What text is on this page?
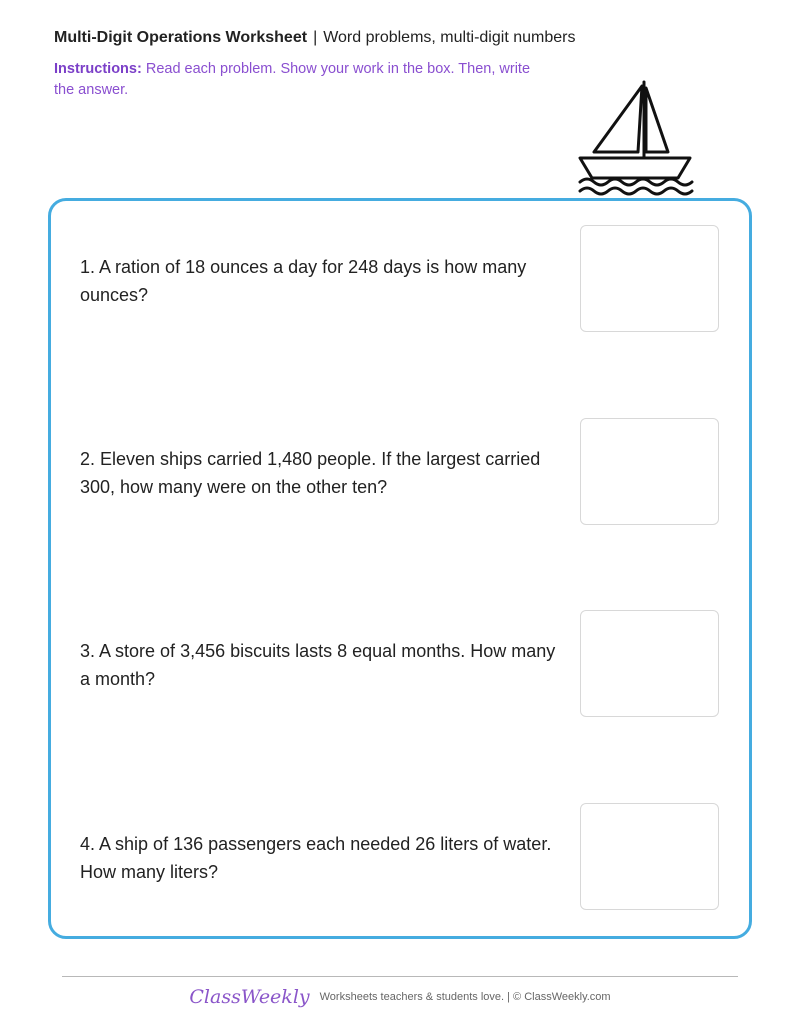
Multi-Digit Operations Worksheet | Word problems, multi-digit numbers
Instructions: Read each problem. Show your work in the box. Then, write the answer.
1. A ration of 18 ounces a day for 248 days is how many ounces?
2. Eleven ships carried 1,480 people. If the largest carried 300, how many were on the other ten?
3. A store of 3,456 biscuits lasts 8 equal months. How many a month?
4. A ship of 136 passengers each needed 26 liters of water. How many liters?
ClassWeekly Worksheets teachers & students love. | © ClassWeekly.com
